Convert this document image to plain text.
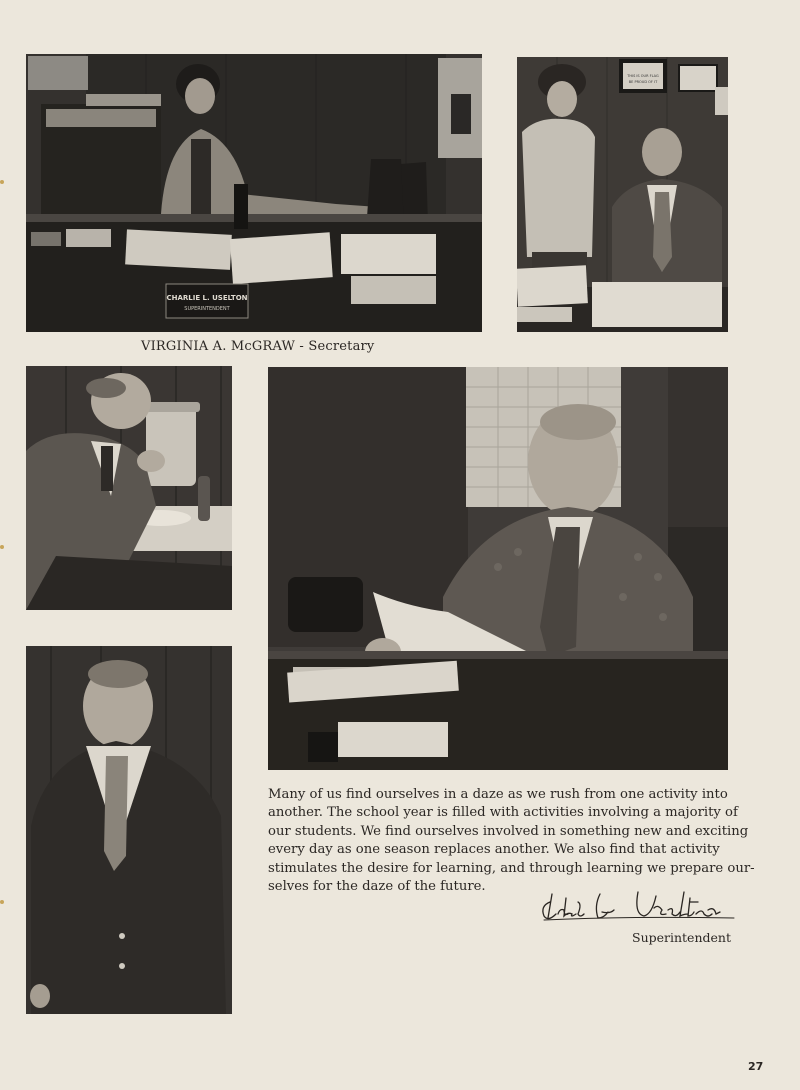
CHARLIE L. USELTON
SUPERINTENDENT
THIS IS OUR FLAG
BE PROUD OF IT
VIRGINIA A. McGRAW - Secretary
Many of us find ourselves in a daze as we rush from one activity into
another. The school year is filled with activities involving a majority of
our students. We find ourselves involved in something new and exciting
every day as one season replaces another. We also find that activity
stimulates the desire for learning, and through learning we prepare our-
selves for the daze of the future.
Superintendent
27
